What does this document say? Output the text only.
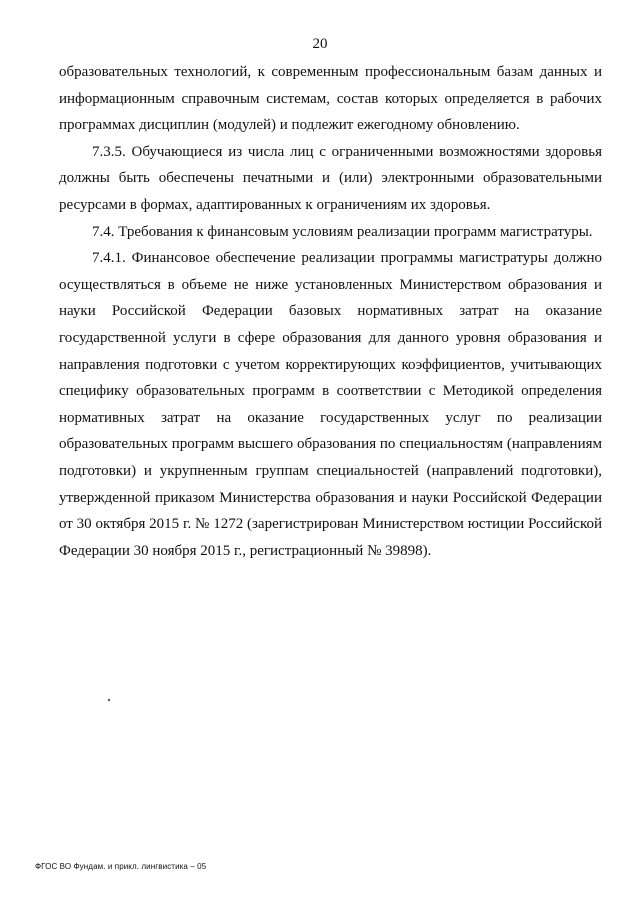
20

образовательных технологий, к современным профессиональным базам данных и информационным справочным системам, состав которых определяется в рабочих программах дисциплин (модулей) и подлежит ежегодному обновлению.

7.3.5. Обучающиеся из числа лиц с ограниченными возможностями здоровья должны быть обеспечены печатными и (или) электронными образовательными ресурсами в формах, адаптированных к ограничениям их здоровья.

7.4. Требования к финансовым условиям реализации программ магистратуры.

7.4.1. Финансовое обеспечение реализации программы магистратуры должно осуществляться в объеме не ниже установленных Министерством образования и науки Российской Федерации базовых нормативных затрат на оказание государственной услуги в сфере образования для данного уровня образования и направления подготовки с учетом корректирующих коэффициентов, учитывающих специфику образовательных программ в соответствии с Методикой определения нормативных затрат на оказание государственных услуг по реализации образовательных программ высшего образования по специальностям (направлениям подготовки) и укрупненным группам специальностей (направлений подготовки), утвержденной приказом Министерства образования и науки Российской Федерации от 30 октября 2015 г. № 1272 (зарегистрирован Министерством юстиции Российской Федерации 30 ноября 2015 г., регистрационный № 39898).

ФГОС ВО Фундам. и прикл. лингвистика – 05
